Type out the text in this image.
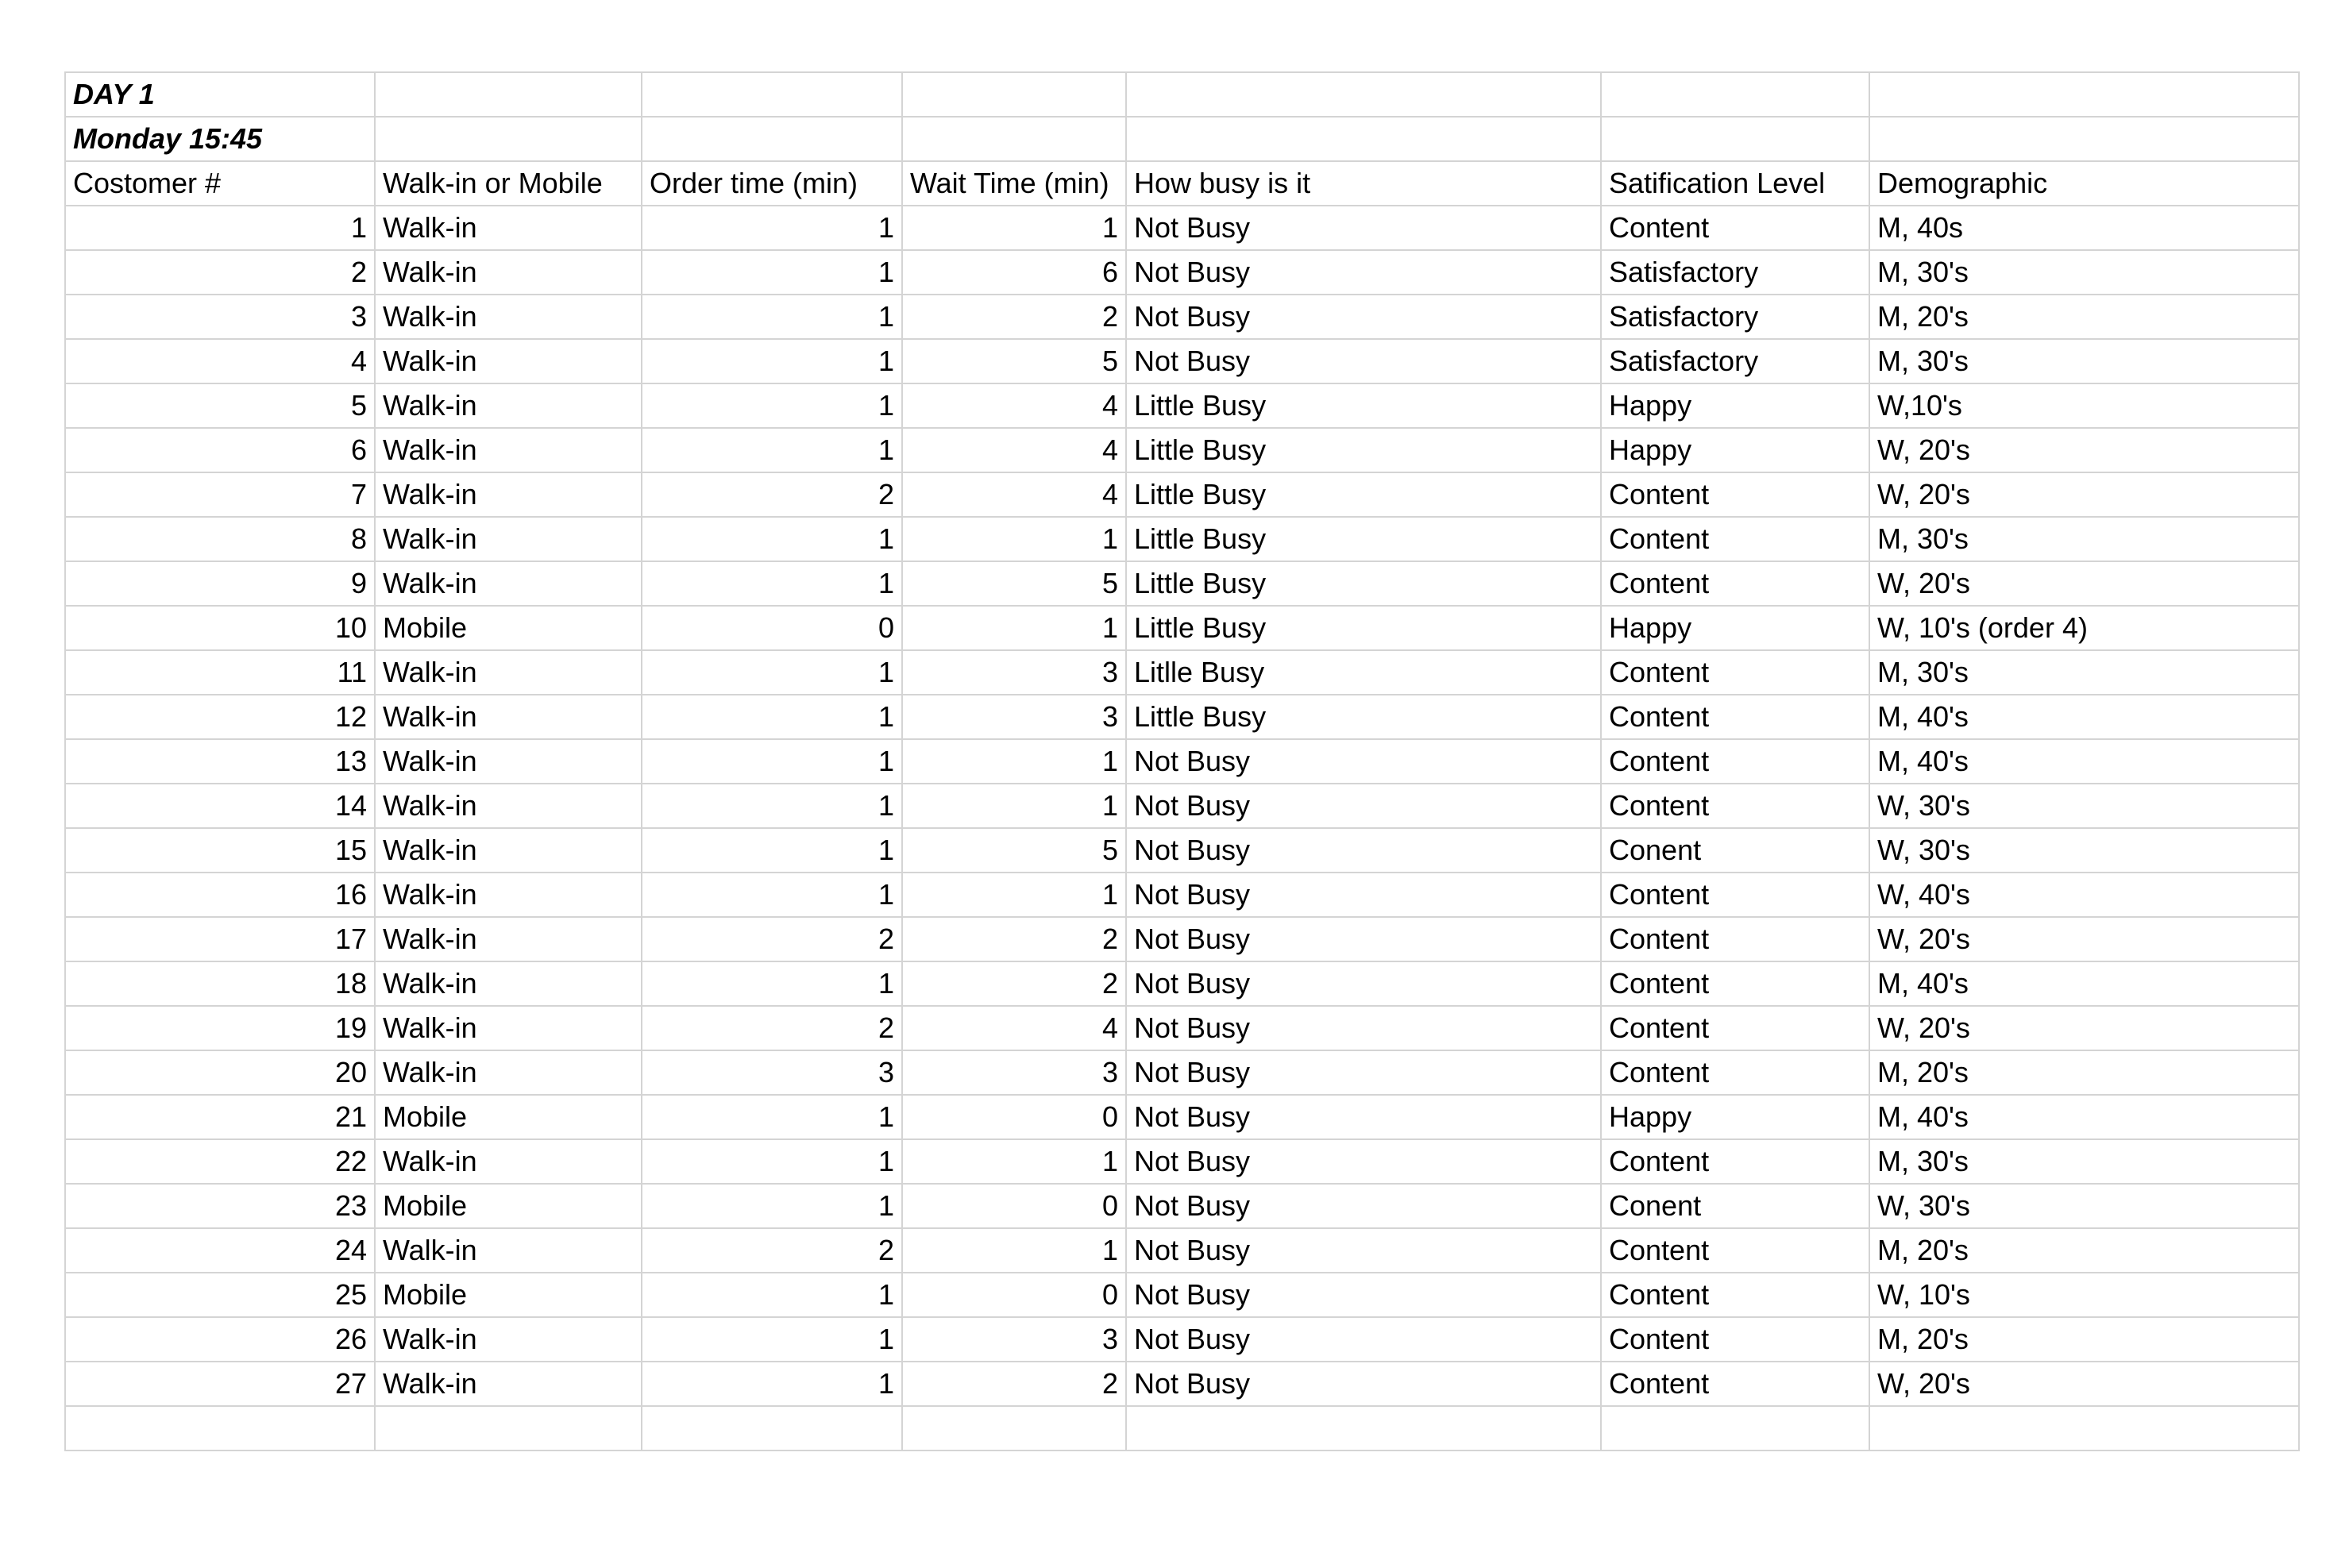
DAY 1						
Monday 15:45						
Costomer #	Walk-in or Mobile	Order time (min)	Wait Time (min)	How busy is it	Satification Level	Demographic
1	Walk-in	1	1	Not Busy	Content	M, 40s
2	Walk-in	1	6	Not Busy	Satisfactory	M, 30's
3	Walk-in	1	2	Not Busy	Satisfactory	M, 20's
4	Walk-in	1	5	Not Busy	Satisfactory	M, 30's
5	Walk-in	1	4	Little Busy	Happy	W,10's
6	Walk-in	1	4	Little Busy	Happy	W, 20's
7	Walk-in	2	4	Little Busy	Content	W, 20's
8	Walk-in	1	1	Little Busy	Content	M, 30's
9	Walk-in	1	5	Little Busy	Content	W, 20's
10	Mobile	0	1	Little Busy	Happy	W, 10's (order 4)
11	Walk-in	1	3	Litlle Busy	Content	M, 30's
12	Walk-in	1	3	Little Busy	Content	M, 40's
13	Walk-in	1	1	Not Busy	Content	M, 40's
14	Walk-in	1	1	Not Busy	Content	W, 30's
15	Walk-in	1	5	Not Busy	Conent	W, 30's
16	Walk-in	1	1	Not Busy	Content	W, 40's
17	Walk-in	2	2	Not Busy	Content	W, 20's
18	Walk-in	1	2	Not Busy	Content	M, 40's
19	Walk-in	2	4	Not Busy	Content	W, 20's
20	Walk-in	3	3	Not Busy	Content	M, 20's
21	Mobile	1	0	Not Busy	Happy	M, 40's
22	Walk-in	1	1	Not Busy	Content	M, 30's
23	Mobile	1	0	Not Busy	Conent	W, 30's
24	Walk-in	2	1	Not Busy	Content	M, 20's
25	Mobile	1	0	Not Busy	Content	W, 10's
26	Walk-in	1	3	Not Busy	Content	M, 20's
27	Walk-in	1	2	Not Busy	Content	W, 20's
